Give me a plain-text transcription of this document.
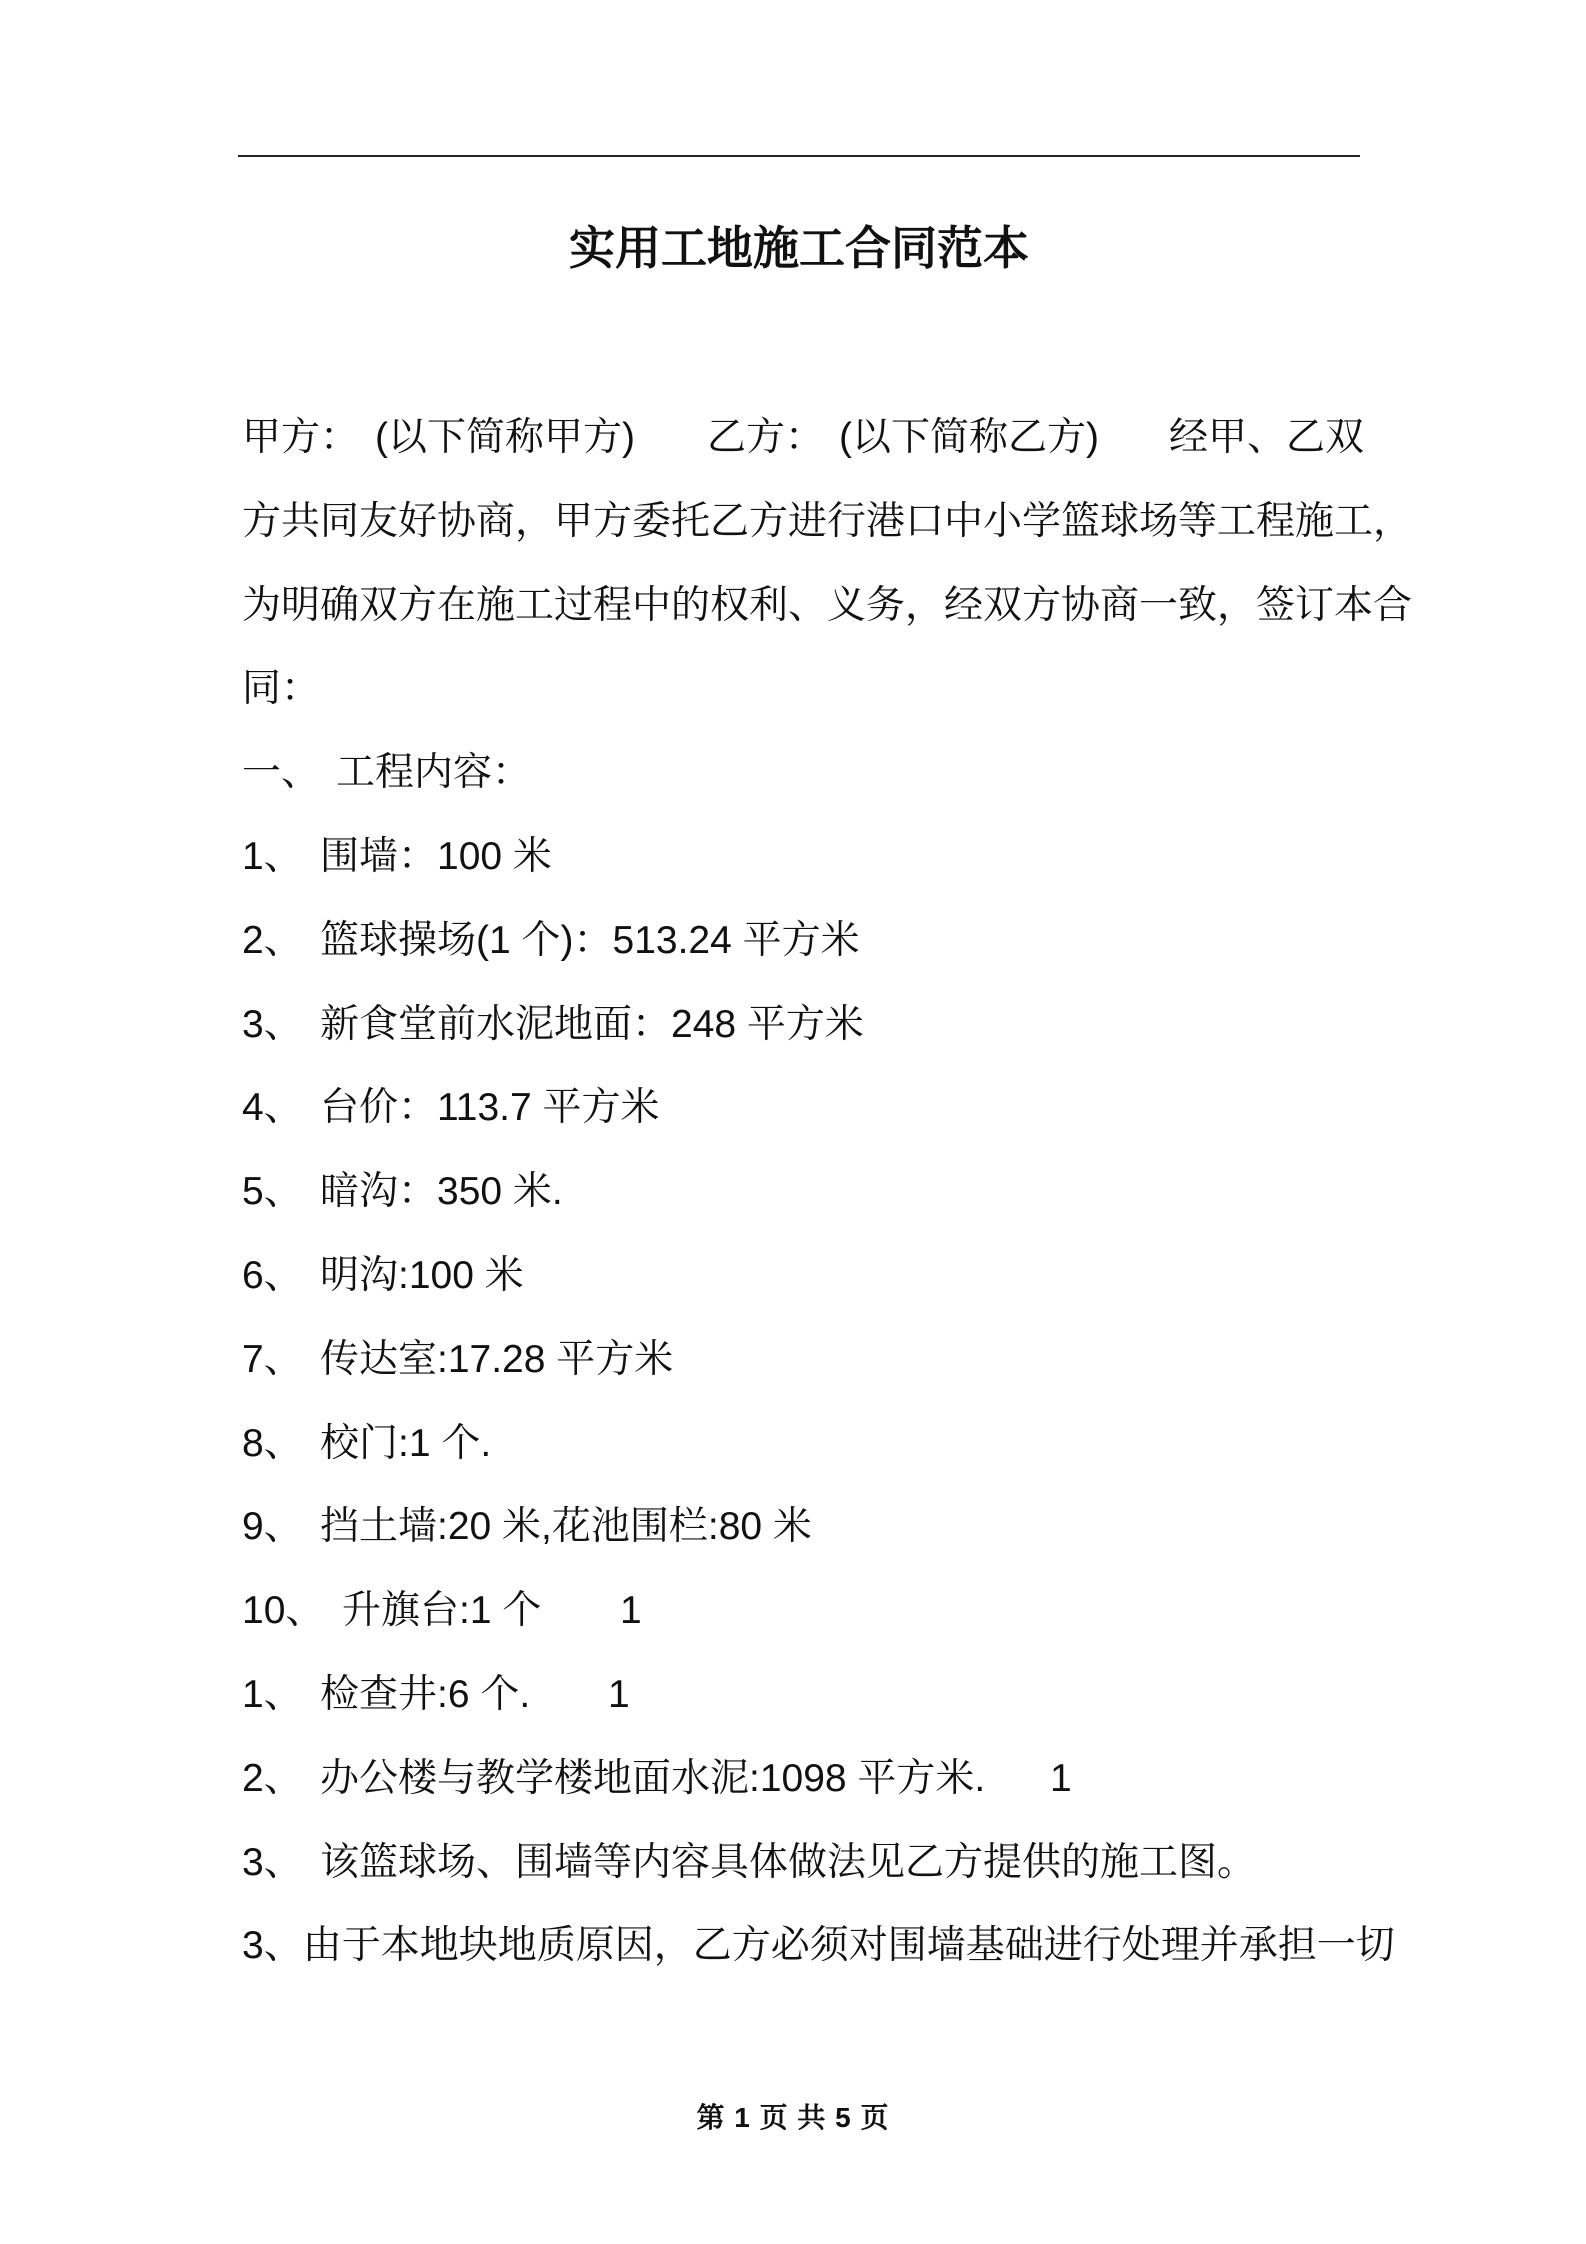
实用工地施工合同范本
甲方： (以下简称甲方) 乙方： (以下简称乙方) 经甲、乙双
方共同友好协商，甲方委托乙方进行港口中小学篮球场等工程施工，
为明确双方在施工过程中的权利、义务，经双方协商一致，签订本合
同：
一、 工程内容：
1、 围墙：100 米
2、 篮球操场(1 个)：513.24 平方米
3、 新食堂前水泥地面：248 平方米
4、 台价：113.7 平方米
5、 暗沟：350 米.
6、 明沟:100 米
7、 传达室:17.28 平方米
8、 校门:1 个.
9、 挡土墙:20 米,花池围栏:80 米
10、 升旗台:1 个 1
1、 检查井:6 个. 1
2、 办公楼与教学楼地面水泥:1098 平方米. 1
3、 该篮球场、围墙等内容具体做法见乙方提供的施工图。
3、由于本地块地质原因，乙方必须对围墙基础进行处理并承担一切
第 1 页 共 5 页
